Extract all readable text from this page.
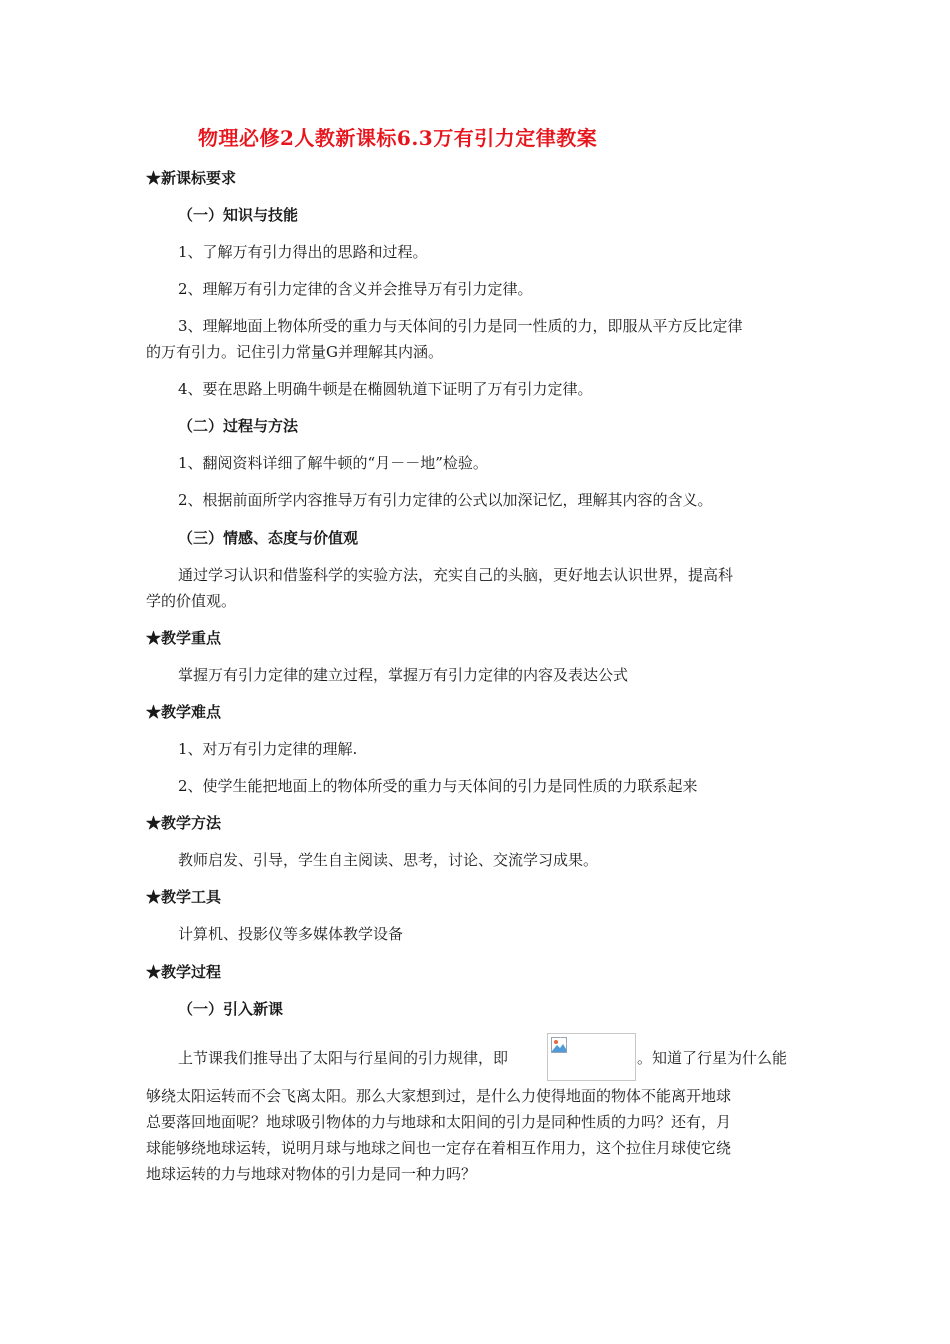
物理必修2人教新课标6.3万有引力定律教案
★新课标要求
（一）知识与技能
1、了解万有引力得出的思路和过程。
2、理解万有引力定律的含义并会推导万有引力定律。
3、理解地面上物体所受的重力与天体间的引力是同一性质的力，即服从平方反比定律
的万有引力。记住引力常量G并理解其内涵。
4、要在思路上明确牛顿是在椭圆轨道下证明了万有引力定律。
（二）过程与方法
1、翻阅资料详细了解牛顿的“月－－地”检验。
2、根据前面所学内容推导万有引力定律的公式以加深记忆，理解其内容的含义。
（三）情感、态度与价值观
通过学习认识和借鉴科学的实验方法，充实自己的头脑，更好地去认识世界，提高科
学的价值观。
★教学重点
掌握万有引力定律的建立过程，掌握万有引力定律的内容及表达公式
★教学难点
1、对万有引力定律的理解.
2、使学生能把地面上的物体所受的重力与天体间的引力是同性质的力联系起来
★教学方法
教师启发、引导，学生自主阅读、思考，讨论、交流学习成果。
★教学工具
计算机、投影仪等多媒体教学设备
★教学过程
（一）引入新课
上节课我们推导出了太阳与行星间的引力规律，即	。知道了行星为什么能
够绕太阳运转而不会飞离太阳。那么大家想到过，是什么力使得地面的物体不能离开地球
总要落回地面呢？地球吸引物体的力与地球和太阳间的引力是同种性质的力吗？还有，月
球能够绕地球运转，说明月球与地球之间也一定存在着相互作用力，这个拉住月球使它绕
地球运转的力与地球对物体的引力是同一种力吗？
